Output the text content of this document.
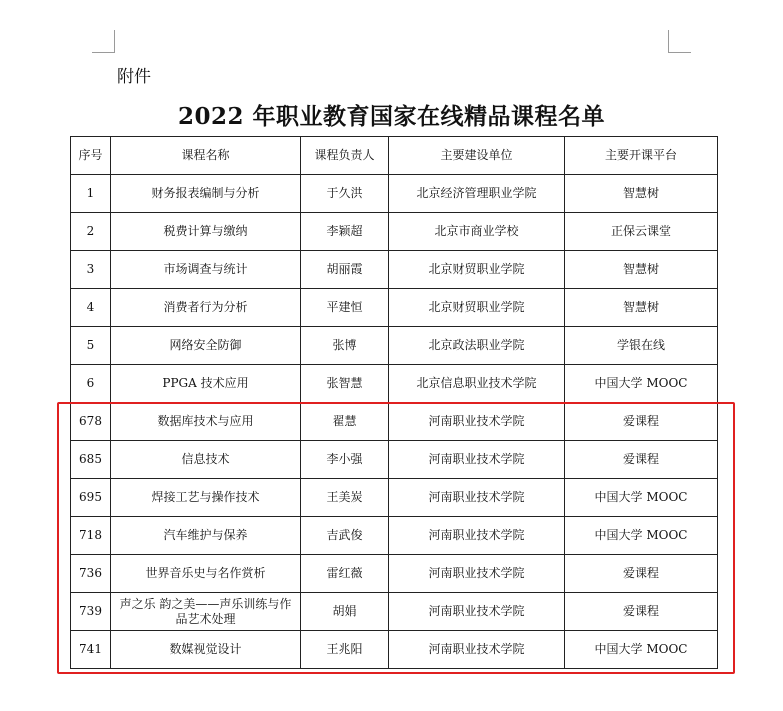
附件
2022 年职业教育国家在线精品课程名单
序号	课程名称	课程负责人	主要建设单位	主要开课平台
1	财务报表编制与分析	于久洪	北京经济管理职业学院	智慧树
2	税费计算与缴纳	李颖超	北京市商业学校	正保云课堂
3	市场调查与统计	胡丽霞	北京财贸职业学院	智慧树
4	消费者行为分析	平建恒	北京财贸职业学院	智慧树
5	网络安全防御	张博	北京政法职业学院	学银在线
6	PPGA 技术应用	张智慧	北京信息职业技术学院	中国大学 MOOC
678	数据库技术与应用	翟慧	河南职业技术学院	爱课程
685	信息技术	李小强	河南职业技术学院	爱课程
695	焊接工艺与操作技术	王美炭	河南职业技术学院	中国大学 MOOC
718	汽车维护与保养	吉武俊	河南职业技术学院	中国大学 MOOC
736	世界音乐史与名作赏析	雷红薇	河南职业技术学院	爱课程
739	声之乐 韵之美——声乐训练与作品艺术处理	胡娟	河南职业技术学院	爱课程
741	数媒视觉设计	王兆阳	河南职业技术学院	中国大学 MOOC
